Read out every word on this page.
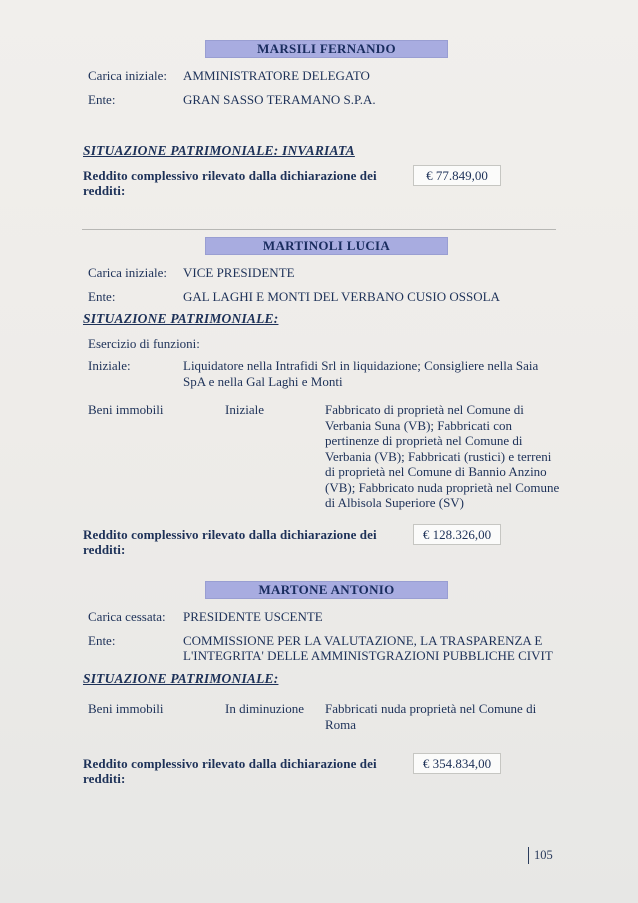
MARSILI FERNANDO
Carica iniziale:	AMMINISTRATORE DELEGATO
Ente:	GRAN SASSO TERAMANO S.P.A.
SITUAZIONE PATRIMONIALE: INVARIATA
Reddito complessivo rilevato dalla dichiarazione dei redditi:
€ 77.849,00
MARTINOLI LUCIA
Carica iniziale:	VICE PRESIDENTE
Ente:	GAL LAGHI E MONTI DEL VERBANO CUSIO OSSOLA
SITUAZIONE PATRIMONIALE:
Esercizio di funzioni:
Iniziale:	Liquidatore nella Intrafidi Srl in liquidazione; Consigliere nella Saia SpA e nella Gal Laghi e Monti
Beni immobili	Iniziale	Fabbricato di proprietà nel Comune di Verbania Suna (VB); Fabbricati con pertinenze di proprietà nel Comune di Verbania (VB); Fabbricati (rustici) e terreni di proprietà nel Comune di Bannio Anzino (VB); Fabbricato nuda proprietà nel Comune di Albisola Superiore (SV)
Reddito complessivo rilevato dalla dichiarazione dei redditi:
€ 128.326,00
MARTONE ANTONIO
Carica cessata:	PRESIDENTE USCENTE
Ente:	COMMISSIONE PER LA VALUTAZIONE, LA TRASPARENZA E L'INTEGRITA' DELLE AMMINISTGRAZIONI PUBBLICHE CIVIT
SITUAZIONE PATRIMONIALE:
Beni immobili	In diminuzione	Fabbricati nuda proprietà nel Comune di Roma
Reddito complessivo rilevato dalla dichiarazione dei redditi:
€ 354.834,00
105
